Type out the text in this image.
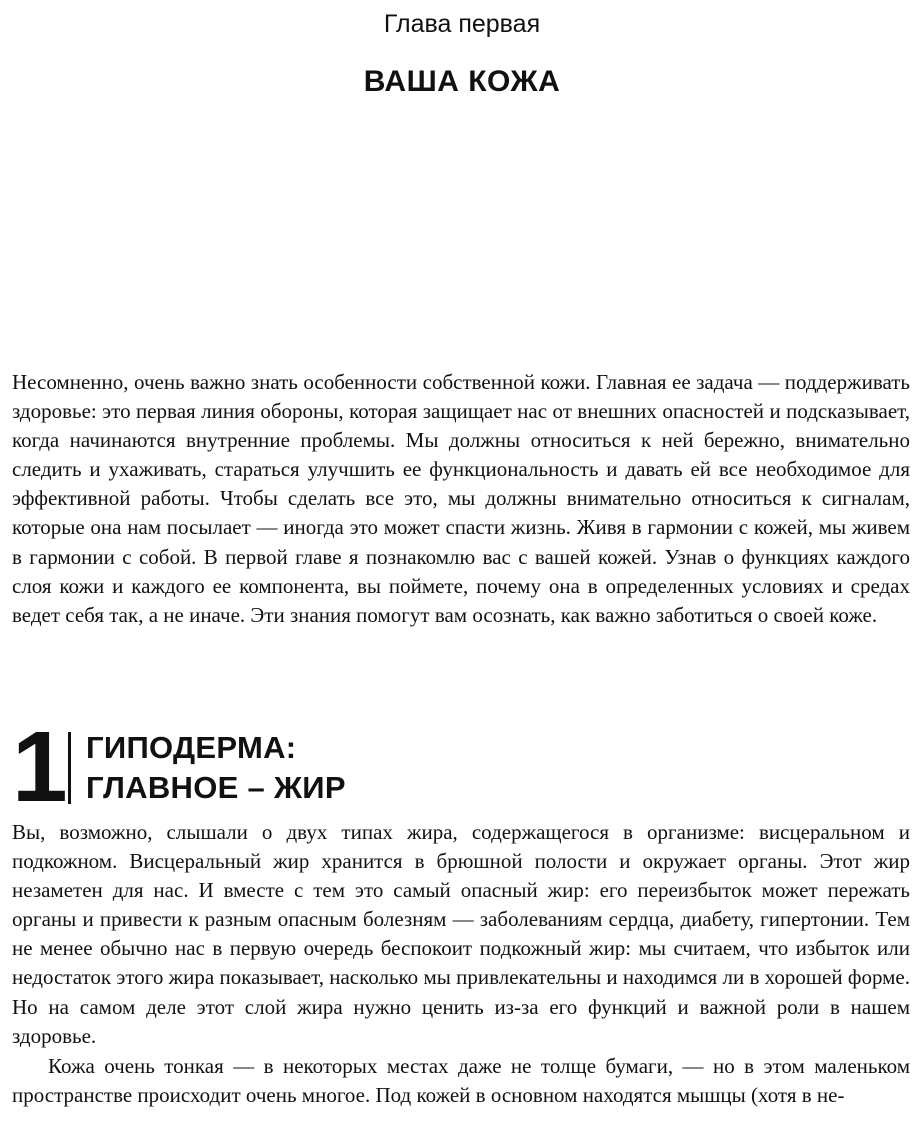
Глава первая
ВАША КОЖА

Несомненно, очень важно знать особенности собственной кожи. Главная ее задача — поддерживать здоровье: это первая линия обороны, которая защищает нас от внешних опасностей и подсказывает, когда начинаются внутренние проблемы. Мы должны относиться к ней бережно, внимательно следить и ухаживать, стараться улучшить ее функциональность и давать ей все необходимое для эффективной работы. Чтобы сделать все это, мы должны внимательно относиться к сигналам, которые она нам посылает — иногда это может спасти жизнь. Живя в гармонии с кожей, мы живем в гармонии с собой. В первой главе я познакомлю вас с вашей кожей. Узнав о функциях каждого слоя кожи и каждого ее компонента, вы поймете, почему она в определенных условиях и средах ведет себя так, а не иначе. Эти знания помогут вам осознать, как важно заботиться о своей коже.

1 ГИПОДЕРМА:
ГЛАВНОЕ – ЖИР

Вы, возможно, слышали о двух типах жира, содержащегося в организме: висцеральном и подкожном. Висцеральный жир хранится в брюшной полости и окружает органы. Этот жир незаметен для нас. И вместе с тем это самый опасный жир: его переизбыток может пережать органы и привести к разным опасным болезням — заболеваниям сердца, диабету, гипертонии. Тем не менее обычно нас в первую очередь беспокоит подкожный жир: мы считаем, что избыток или недостаток этого жира показывает, насколько мы привлекательны и находимся ли в хорошей форме. Но на самом деле этот слой жира нужно ценить из-за его функций и важной роли в нашем здоровье.

Кожа очень тонкая — в некоторых местах даже не толще бумаги, — но в этом маленьком пространстве происходит очень многое. Под кожей в основном находятся мышцы (хотя в не-
